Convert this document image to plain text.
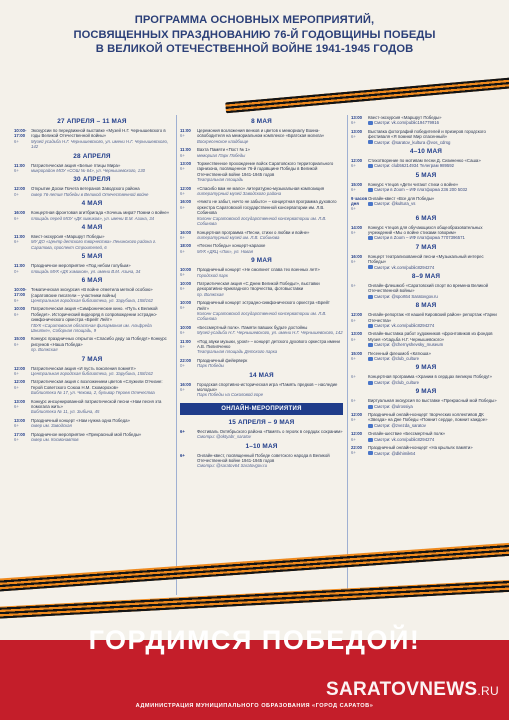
ПРОГРАММА ОСНОВНЫХ МЕРОПРИЯТИЙ,
ПОСВЯЩЕННЫХ ПРАЗДНОВАНИЮ 76-Й ГОДОВЩИНЫ ПОБЕДЫ
В ВЕЛИКОЙ ОТЕЧЕСТВЕННОЙ ВОЙНЕ 1941-1945 ГОДОВ
27 АПРЕЛЯ – 11 МАЯ
10:00-17:00
6+
Экскурсии по передвижной выставке «Музей Н.Г. Чернышевского в годы Великой Отечественной войны»
Музей усадьба Н.Г. Чернышевского, ул. имени Н.Г. Чернышевского, 142
28 АПРЕЛЯ
11:00
6+
Патриотическая акция «Белые птицы Мира»
микрорайон МОУ «СОШ № 64», ул. Чернышевского, 130
30 АПРЕЛЯ
12:00
0+
Открытие Доски Почета ветеранов Заводского района
сквер 76-летия Победы в Великой Отечественной войне
4 МАЯ
16:00
6+
Концертная фронтовая агитбригада «Хочешь мира? Помни о войне»
площадь перед МОУ «ДК химиков», ул. имени В.М. Азина, 34
4 МАЯ
11:00
6+
Квест-экскурсия «Маршрут Победы»
МУ ДО «Центр детского творчества» Ленинского района г. Саратова, проспект Строителей, 6
5 МАЯ
11:00
0+
Праздничное мероприятие «Под небом голубым»
площадь МУК «ДК химиков», ул. имени В.М. Азина, 34
6 МАЯ
10:00-17:00
6+
Тематическая экскурсия «В войне отметила меткой особою» (саратовские писатели – участники войны)
Центральная городская библиотека, ул. Зарубина, 158/162
10:00
6+
Патриотическая акция «Симфонические кино. «Путь к Великой Победе!». Исторический видеоряд в сопровождении эстрадно-симфонического оркестра «Брейт Лейт»
ГБУК «Саратовская областная филармония им. Альфреда Шнитке», Соборная площадь, 9
15:00
6+
Конкурс праздничных открыток «Спасибо деду за Победу!» Конкурс рисунков «Наша Победа»
пр. Волжская
7 МАЯ
12:00
6+
Патриотическая акция «И пусть поколения помнят!»
Центральная городская библиотека, ул. Зарубина, 158/162
12:00
6+
Патриотическая акция с возложением цветов «Служили Отчизне: Герой Советского Союза Н.М. Скоморохов»
Библиотека № 17, ул. Чехова, 2, бульвар Героев Отечества
13:00
6+
Конкурс инсценированной патриотической песни «Нам песня эта помогала жить»
Библиотека № 11, ул. Зыбина, 45
13:00
6+
Праздничный концерт «Нам нужна одна Победа»
сквер им. Заводская
17:00
6+
Праздничное мероприятие «Прекрасный мой Победы»
сквер им. Космонавтов
8 МАЯ
11:00
6+
Церемония возложения венков и цветов к мемориалу Воина-освободителя на мемориальном комплексе «Братская могила»
Воскресенское кладбище
11:00
6+
Вахта Памяти «Пост № 1»
мемориал Парк Победы
13:00
6+
Торжественное прохождение войск Саратовского территориального гарнизона, посвященное 76-й годовщине Победы в Великой Отечественной войне 1941-1945 годов
Театральная площадь
12:00
6+
«Спасибо вам не мало» литературно-музыкальная композиция
литературный музей Заводского района
16:00
6+
«Никто не забыт, ничто не забыто» – концертная программа духового оркестра Саратовской государственной консерватории им. Л.В. Собинова
Колонн Саратовской государственной консерватории им. Л.В. Собинова
16:00
6+
Концертная программа «Песни, стихи о любви и войне»
литературный музей им. Л.В. Собинова
18:00
6+
«Песни Победы» концерт-караоке
МУК «ДКЦ «Лик», ул. Новая
9 МАЯ
10:00
6+
Праздничный концерт «Не смолкнет слава тех военных лет!»
Городской парк
10:00
6+
Патриотическая акция «С Днем Великой Победы!», выставки декоративно-прикладного творчества, фотовыставки
пр. Волжская
10:00
6+
Праздничный концерт эстрадно-симфонического оркестра «Брейт Лейт»
Колонн Саратовской государственной консерватории им. Л.В. Собинова
10:00
6+
«Бессмертный полк». Памяти павших будьте достойны
Музей-усадьба Н.Г. Чернышевского, ул. имени Н.Г. Чернышевского, 142
11:00
6+
«Под звуки музыки, урок!» – концерт детского духового оркестра имени А.В. Пилипченко
Театральная площадь Детского парка
22:00
0+
Праздничный фейерверк
Парк Победы
14 МАЯ
16:00
6+
Городская спортивно-историческая игра «Память предков – наследие молодых»
Парк Победы на Соколовой горе
ОНЛАЙН-МЕРОПРИЯТИЯ
15 АПРЕЛЯ – 9 МАЯ
6+	Фестиваль Октябрьского района «Память о героях в сердцах сохраним»
Смотри: @oktyabr_saratov
1–10 МАЯ
6+	Онлайн-квест, посвященный Победе советского народа в Великой Отечественной войне 1941-1945 годов
Смотри: @saratov64 Saratovgov.ru
13:00
6+
Квест-экскурсия «Маршрут Победы»
Смотри: vk.com/public194779916
13:00
6+
Выставка фотографий победителей и призеров городского фестиваля «Я помню! Мир спасенный»
Смотри: @saratov_kultura @vos_cdrsg
4–10 МАЯ
12:00
6+
Стихотворение по мотивам песни Д. Сизиненко «Саша»
Смотри: club56214934 Телеграм 989592
5 МАЯ
15:00
6+
Конкурс чтецов «Дети читают стихи о войне»
Смотри в Zoom – ИФ платформа 236 200 5032
9 часов дня
6+
Онлайн-квест «Все для Победы»
Смотри: @kultura_vs
6 МАЯ
14:00
6+
Конкурс чтецов для обучающихся общеобразовательных учреждений «Мы о войне стихами говорим»
Смотри в Zoom – ИФ платформа 7707396571
7 МАЯ
16:00
6+
Концерт театрализованной песни «Музыкальный интерес Победы»
Смотри: vk.com/public8294274
8–9 МАЯ
6+	Онлайн-флешмоб «Саратовский спорт во времена Великой Отечественной войны»
Смотри: @sport64 Saratovgov.ru
8 МАЯ
12:00
6+
Онлайн-репортаж «8 нашей Кировский район» репортаж «Гарни Отечества»
Смотри: vk.com/public8294274
13:00
6+
Онлайн-выставка работ художников «фронтовиков из фондов Музея «Усадьба Н.Г. Чернышевского»
Смотри: @chernyshevsky_museum
15:00
6+
Песенный флешмоб «Катюша»
Смотри: @club_culture
9 МАЯ
6+	Концертная программа «Храним в сердцах великую Победу!»
Смотри: @club_culture
9 МАЯ
6+	Виртуальная экскурсия по выставке «Прекрасный мой Победы»
Смотри: @ulrossiya
12:00
6+
Праздничный онлайн-концерт творческих коллективов ДК «Звезда» на Дне Победы «Помнит сердце, помнит каждое»
Смотри: @zvezda_saratov
12:00
6+
Онлайн-шествие «Бессмертный полк»
Смотри: vk.com/public8294274
22:00
6+
Праздничный онлайн-концерт «На крыльях памяти»
Смотри: @dkhimik64
ГОРДИМСЯ ПОБЕДОЙ!
SARATOVNEWS.RU
АДМИНИСТРАЦИЯ МУНИЦИПАЛЬНОГО ОБРАЗОВАНИЯ «ГОРОД САРАТОВ»
